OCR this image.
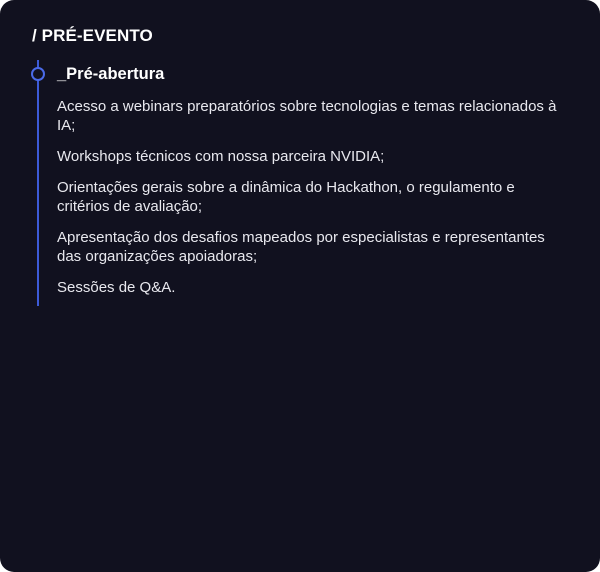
/ PRÉ-EVENTO
_Pré-abertura
Acesso a webinars preparatórios sobre tecnologias e temas relacionados à IA;
Workshops técnicos com nossa parceira NVIDIA;
Orientações gerais sobre a dinâmica do Hackathon, o regulamento e critérios de avaliação;
Apresentação dos desafios mapeados por especialistas e representantes das organizações apoiadoras;
Sessões de Q&A.
